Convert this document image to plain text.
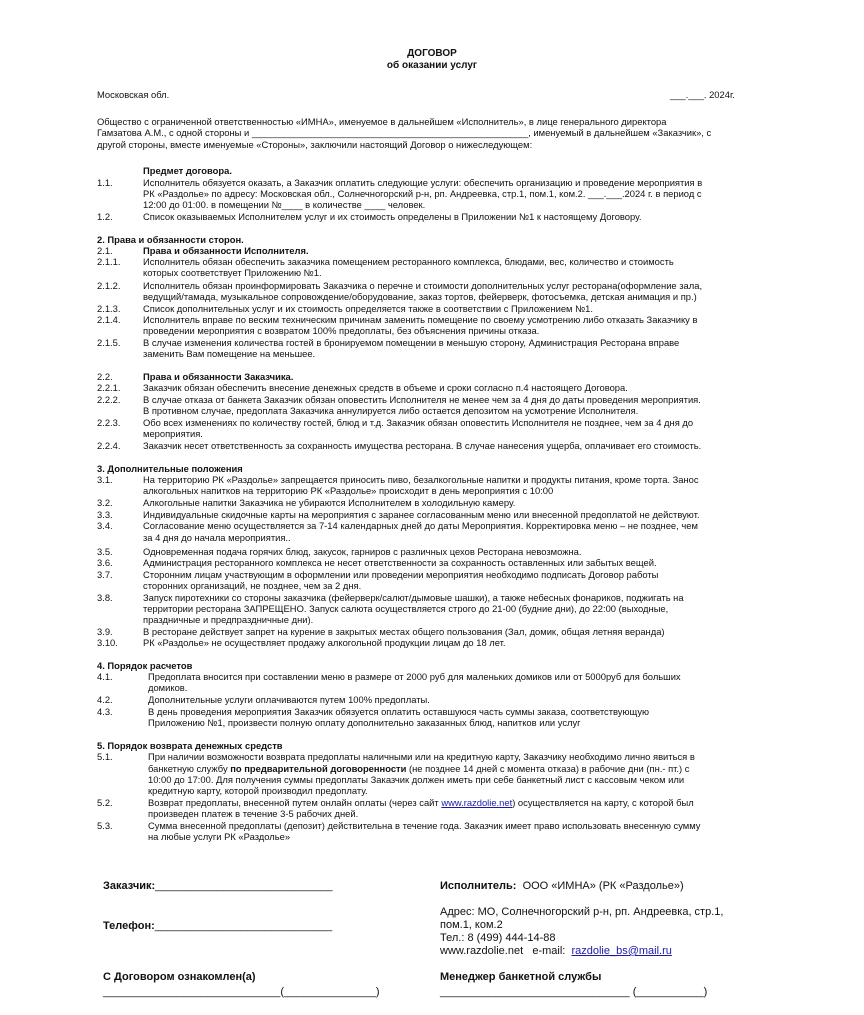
ДОГОВОР
об оказании услуг
Московская обл.	___.___. 2024г.
Общество с ограниченной ответственностью «ИМНА», именуемое в дальнейшем «Исполнитель», в лице генерального директора
Гамзатова А.М., с одной стороны и _____________________________________________________, именуемый в дальнейшем «Заказчик», с
другой стороны, вместе именуемые «Стороны», заключили настоящий Договор о нижеследующем:
Предмет договора.
1.1.	Исполнитель обязуется оказать, а Заказчик оплатить следующие услуги: обеспечить организацию и проведение мероприятия в
РК «Раздолье» по адресу: Московская обл., Солнечногорский р-н, рп. Андреевка, стр.1, пом.1, ком.2. ___.___.2024 г. в период с
12:00 до 01:00. в помещении №____ в количестве ____ человек.
1.2.	Список оказываемых Исполнителем услуг и их стоимость определены в Приложении №1 к настоящему Договору.
2. Права и обязанности сторон.
2.1.	Права и обязанности Исполнителя.
2.1.1. Исполнитель обязан обеспечить заказчика помещением ресторанного комплекса, блюдами, вес, количество и стоимость
которых соответствует Приложению №1.
2.1.2. Исполнитель обязан проинформировать Заказчика о перечне и стоимости дополнительных услуг ресторана(оформление зала,
ведущий/тамада, музыкальное сопровождение/оборудование, заказ тортов, фейерверк, фотосъемка, детская анимация и пр.)
2.1.3. Список дополнительных услуг и их стоимость определяется также в соответствии с Приложением №1.
2.1.4. Исполнитель вправе по веским техническим причинам заменить помещение по своему усмотрению либо отказать Заказчику в
проведении мероприятия с возвратом 100% предоплаты, без объяснения причины отказа.
2.1.5. В случае изменения количества гостей в бронируемом помещении в меньшую сторону, Администрация Ресторана вправе
заменить Вам помещение на меньшее.
2.2.	Права и обязанности Заказчика.
2.2.1. Заказчик обязан обеспечить внесение денежных средств в объеме и сроки согласно п.4 настоящего Договора.
2.2.2. В случае отказа от банкета Заказчик обязан оповестить Исполнителя не менее чем за 4 дня до даты проведения мероприятия.
В противном случае, предоплата Заказчика аннулируется либо остается депозитом на усмотрение Исполнителя.
2.2.3. Обо всех изменениях по количеству гостей, блюд и т.д. Заказчик обязан оповестить Исполнителя не позднее, чем за 4 дня до
мероприятия.
2.2.4. Заказчик несет ответственность за сохранность имущества ресторана. В случае нанесения ущерба, оплачивает его стоимость.
3. Дополнительные положения
3.1.	На территорию РК «Раздолье» запрещается приносить пиво, безалкогольные напитки и продукты питания, кроме торта. Занос
алкогольных напитков на территорию РК «Раздолье» происходит в день мероприятия с 10:00
3.2.	Алкогольные напитки Заказчика не убираются Исполнителем в холодильную камеру.
3.3.	Индивидуальные скидочные карты на мероприятия с заранее согласованным меню или внесенной предоплатой не действуют.
3.4.	Согласование меню осуществляется за 7-14 календарных дней до даты Мероприятия. Корректировка меню – не позднее, чем
за 4 дня до начала мероприятия..
3.5.	Одновременная подача горячих блюд, закусок, гарниров с различных цехов Ресторана невозможна.
3.6.	Администрация ресторанного комплекса не несет ответственности за сохранность оставленных или забытых вещей.
3.7.	Сторонним лицам участвующим в оформлении или проведении мероприятия необходимо подписать Договор работы
сторонних организаций, не позднее, чем за 2 дня.
3.8.	Запуск пиротехники со стороны заказчика (фейерверк/салют/дымовые шашки), а также небесных фонариков, поджигать на
территории ресторана ЗАПРЕЩЕНО. Запуск салюта осуществляется строго до 21-00 (будние дни), до 22:00 (выходные,
праздничные и предпраздничные дни).
3.9.	В ресторане действует запрет на курение в закрытых местах общего пользования (Зал, домик, общая летняя веранда)
3.10.	РК «Раздолье» не осуществляет продажу алкогольной продукции лицам до 18 лет.
4. Порядок расчетов
4.1.	Предоплата вносится при составлении меню в размере от 2000 руб для маленьких домиков или от 5000руб для больших
домиков.
4.2.	Дополнительные услуги оплачиваются путем 100% предоплаты.
4.3.	В день проведения мероприятия Заказчик обязуется оплатить оставшуюся часть суммы заказа, соответствующую
Приложению №1, произвести полную оплату дополнительно заказанных блюд, напитков или услуг
5. Порядок возврата денежных средств
5.1.	При наличии возможности возврата предоплаты наличными или на кредитную карту, Заказчику необходимо лично явиться в
банкетную службу по предварительной договоренности (не позднее 14 дней с момента отказа) в рабочие дни (пн.- пт.) с
10:00 до 17:00. Для получения суммы предоплаты Заказчик должен иметь при себе банкетный лист с кассовым чеком или
кредитную карту, которой производил предоплату.
5.2.	Возврат предоплаты, внесенной путем онлайн оплаты (через сайт www.razdolie.net) осуществляется на карту, с которой был
произведен платеж в течение 3-5 рабочих дней.
5.3.	Сумма внесенной предоплаты (депозит) действительна в течение года. Заказчик имеет право использовать внесенную сумму
на любые услуги РК «Раздолье»
Заказчик:_____________________________
Телефон:_____________________________
С Договором ознакомлен(а)
_____________________________(_______________)
Исполнитель: ООО «ИМНА» (РК «Раздолье»)
Адрес: МО, Солнечногорский р-н, рп. Андреевка, стр.1,
пом.1, ком.2
Тел.: 8 (499) 444-14-88
www.razdolie.net e-mail: razdolie_bs@mail.ru
Менеджер банкетной службы
_______________________________ (___________)
